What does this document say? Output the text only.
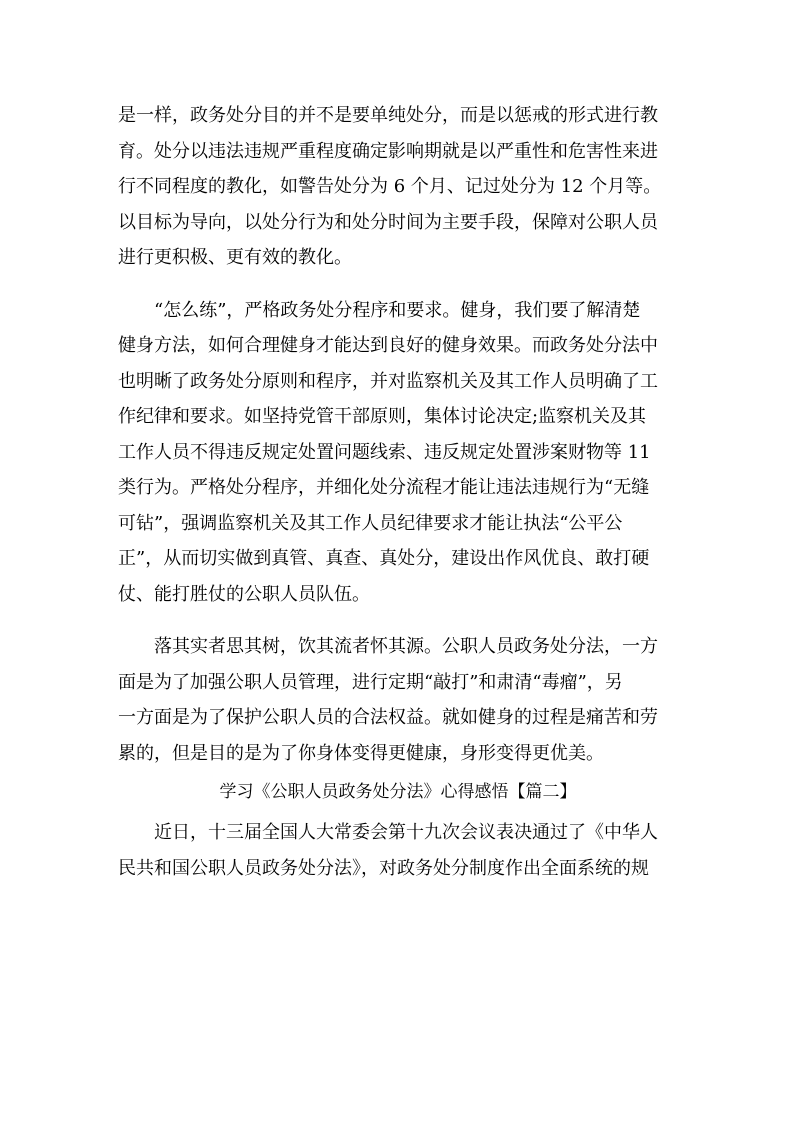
是一样，政务处分目的并不是要单纯处分，而是以惩戒的形式进行教
育。处分以违法违规严重程度确定影响期就是以严重性和危害性来进
行不同程度的教化，如警告处分为 6 个月、记过处分为 12 个月等。
以目标为导向，以处分行为和处分时间为主要手段，保障对公职人员
进行更积极、更有效的教化。

“怎么练”，严格政务处分程序和要求。健身，我们要了解清楚
健身方法，如何合理健身才能达到良好的健身效果。而政务处分法中
也明晰了政务处分原则和程序，并对监察机关及其工作人员明确了工
作纪律和要求。如坚持党管干部原则，集体讨论决定;监察机关及其
工作人员不得违反规定处置问题线索、违反规定处置涉案财物等 11
类行为。严格处分程序，并细化处分流程才能让违法违规行为“无缝
可钻”，强调监察机关及其工作人员纪律要求才能让执法“公平公
正”，从而切实做到真管、真查、真处分，建设出作风优良、敢打硬
仗、能打胜仗的公职人员队伍。

落其实者思其树，饮其流者怀其源。公职人员政务处分法，一方
面是为了加强公职人员管理，进行定期“敲打”和肃清“毒瘤”，另
一方面是为了保护公职人员的合法权益。就如健身的过程是痛苦和劳
累的，但是目的是为了你身体变得更健康，身形变得更优美。

学习《公职人员政务处分法》心得感悟【篇二】

近日，十三届全国人大常委会第十九次会议表决通过了《中华人
民共和国公职人员政务处分法》，对政务处分制度作出全面系统的规
